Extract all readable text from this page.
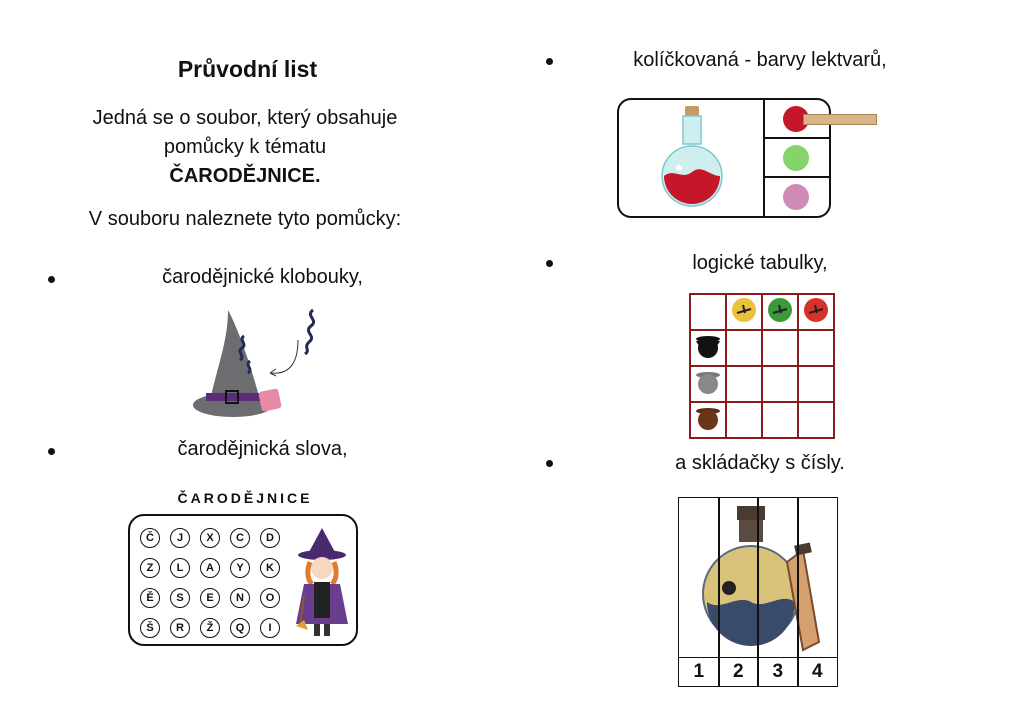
Průvodní list
Jedná se o soubor, který obsahuje
pomůcky k tématu
ČARODĚJNICE.
V souboru naleznete tyto pomůcky:
čarodějnické klobouky,
čarodějnická slova,
ČARODĚJNICE
Č	J	X	C	D
Z	L	A	Y	K
Ě	S	E	N	O
Š	R	Ž	Q	I
kolíčkovaná - barvy lektvarů,
logické tabulky,

a skládačky s čísly.
1	2	3	4
